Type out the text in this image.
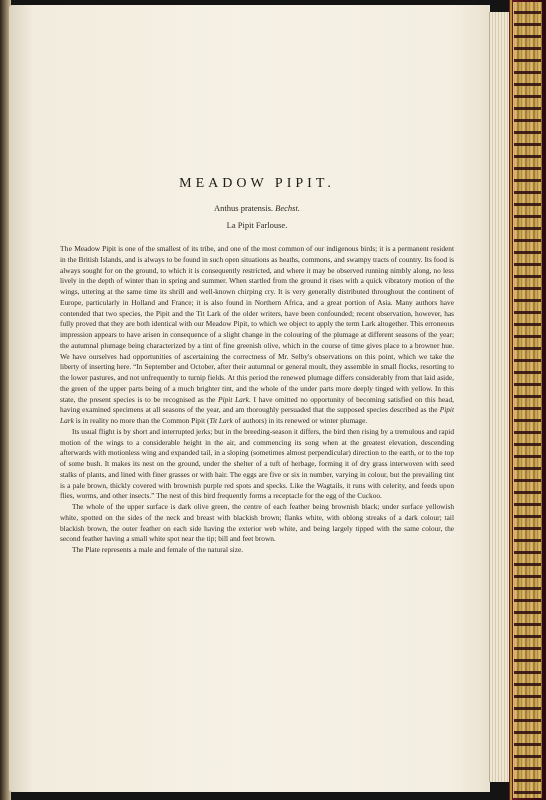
MEADOW PIPIT.
Anthus pratensis. Bechst.
La Pipit Farlouse.

The Meadow Pipit is one of the smallest of its tribe, and one of the most common of our indigenous birds; it is a permanent resident in the British Islands, and is always to be found in such open situations as heaths, commons, and swampy tracts of country. Its food is always sought for on the ground, to which it is consequently restricted, and where it may be observed running nimbly along, no less lively in the depth of winter than in spring and summer. When startled from the ground it rises with a quick vibratory motion of the wings, uttering at the same time its shrill and well-known chirping cry. It is very generally distributed throughout the continent of Europe, particularly in Holland and France; it is also found in Northern Africa, and a great portion of Asia. Many authors have contended that two species, the Pipit and the Tit Lark of the older writers, have been confounded; recent observation, however, has fully proved that they are both identical with our Meadow Pipit, to which we object to apply the term Lark altogether. This erroneous impression appears to have arisen in consequence of a slight change in the colouring of the plumage at different seasons of the year; the autumnal plumage being characterized by a tint of fine greenish olive, which in the course of time gives place to a browner hue. We have ourselves had opportunities of ascertaining the correctness of Mr. Selby's observations on this point, which we take the liberty of inserting here. “In September and October, after their autumnal or general moult, they assemble in small flocks, resorting to the lower pastures, and not unfrequently to turnip fields. At this period the renewed plumage differs considerably from that laid aside, the green of the upper parts being of a much brighter tint, and the whole of the under parts more deeply tinged with yellow. In this state, the present species is to be recognised as the Pipit Lark. I have omitted no opportunity of becoming satisfied on this head, having examined specimens at all seasons of the year, and am thoroughly persuaded that the supposed species described as the Pipit Lark is in reality no more than the Common Pipit (Tit Lark of authors) in its renewed or winter plumage.

Its usual flight is by short and interrupted jerks; but in the breeding-season it differs, the bird then rising by a tremulous and rapid motion of the wings to a considerable height in the air, and commencing its song when at the greatest elevation, descending afterwards with motionless wing and expanded tail, in a sloping (sometimes almost perpendicular) direction to the earth, or to the top of some bush. It makes its nest on the ground, under the shelter of a tuft of herbage, forming it of dry grass interwoven with seed stalks of plants, and lined with finer grasses or with hair. The eggs are five or six in number, varying in colour, but the prevailing tint is a pale brown, thickly covered with brownish purple red spots and specks. Like the Wagtails, it runs with celerity, and feeds upon flies, worms, and other insects.” The nest of this bird frequently forms a receptacle for the egg of the Cuckoo.

The whole of the upper surface is dark olive green, the centre of each feather being brownish black; under surface yellowish white, spotted on the sides of the neck and breast with blackish brown; flanks white, with oblong streaks of a dark colour; tail blackish brown, the outer feather on each side having the exterior web white, and being largely tipped with the same colour, the second feather having a small white spot near the tip; bill and feet brown.

The Plate represents a male and female of the natural size.
